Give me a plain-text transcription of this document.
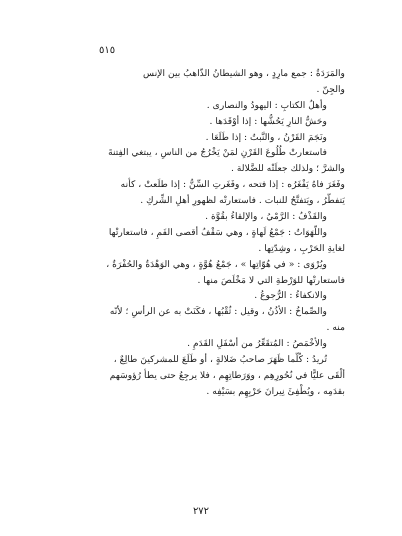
٥١٥
والمَرَدَةُ : جمع مارِدٍ ، وهو الشيطانُ الذّاهبُ بين الإنس
والجِنّ .
وأهلُ الكتابِ : اليهودُ والنصارى .
وحَشُّ النارِ يَحُشُّها : إذا أوْقَدَها .
ونَجَمَ القَرْنُ ، والنَّبتُ : إذا طَلَعَا .
فاستعارتْ طُلُوعَ القَرْنِ لمَنْ يَخْرُجُ من الناسِ ، يبتغي الفِتنةَ
والشرَّ ؛ ولذلك جعلَتْه للضَّلالة .
وفَغَرَ فاهُ يَفْغَرُه : إذا فتحه ، وفَغَرتِ السِّنُّ : إذا طلَعتْ ، كأنه
يَتفطَّرُ ، ويَتفتَّحُ للنبات . فاستعارتْه لظهورِ أهلِ الشِّركِ .
والقَذْفُ : الرَّمْيُ ، والإلقاءُ بقُوَّة .
واللَّهَوَاتُ : جَمْعُ لَهاةٍ ، وهي سَقْفُ أقصى الفَمِ ، فاستعارتْها
لغايةِ الحَرْبِ ، وشِدّتِها .
ويُرْوَى : « في هُوّاتِها » ، جَمْعُ هُوَّةٍ ، وهي الوَهْدَةُ والحُفْرَةُ ،
فاستعارتْها للوَرْطةِ التي لا مَخْلَصَ منها .
والانكفاءُ : الرُّجوعُ .
والصِّماخُ : الأذُنُ ، وقيل : ثُقْبُها ، فكَنَتْ به عن الرأسِ ؛ لأنّه
منه .
والأخْمَصُ : المُتقَعِّرُ من أسْفَلِ القَدَمِ .
تُريدُ : كُلَّما ظَهَرَ صاحبُ ضَلالةٍ ، أو طَلَعَ للمشركينَ طالِعٌ ،
ألْقَى عليًّا في نُحُورِهِم ، ووَرَطاتِهِم ، فلا يرجِعُ حتى يطأ رُؤوسَهم
بقدَمِه ، ويُطْفِئَ نِيرانَ حَرْبِهِم بسَيْفِه .
٢٧٢
